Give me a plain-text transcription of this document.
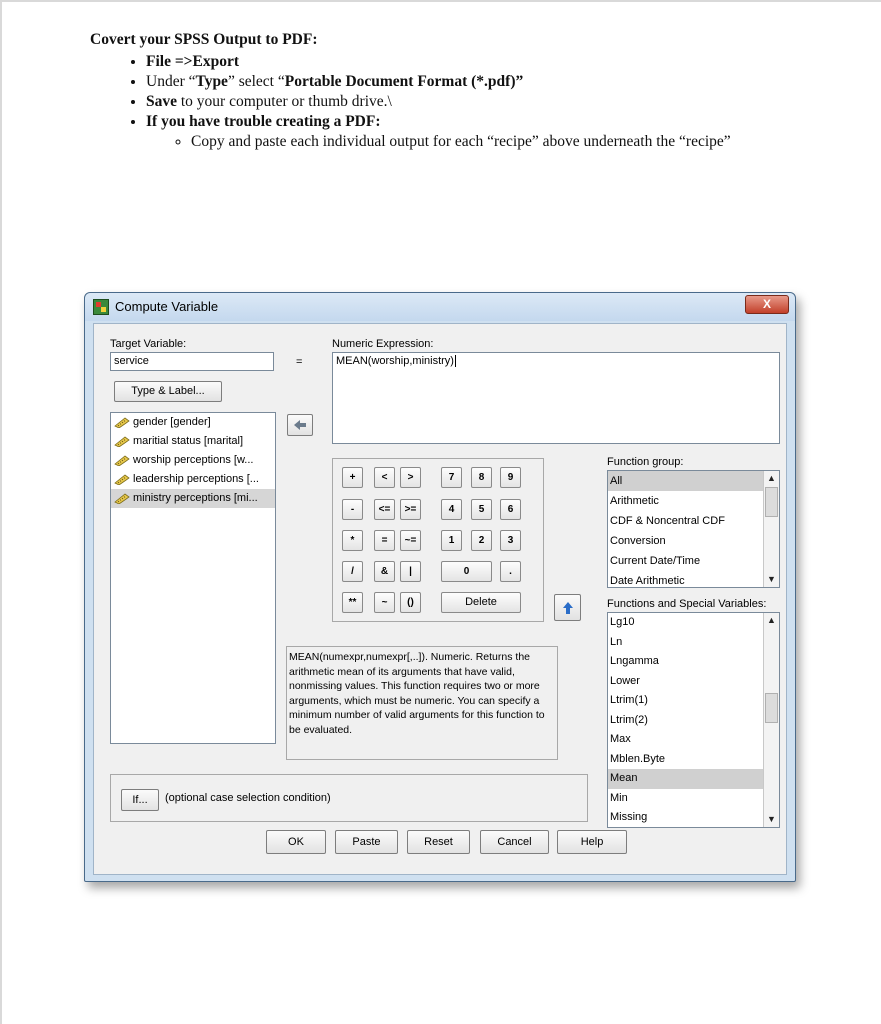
Covert your SPSS Output to PDF:
• File =>Export
• Under “Type” select “Portable Document Format (*.pdf)”
• Save to your computer or thumb drive.\
• If you have trouble creating a PDF:
◦ Copy and paste each individual output for each “recipe” above underneath the “recipe”
Compute Variable	X
Target Variable:
service	=
Type & Label...
Numeric Expression:
MEAN(worship,ministry)
gender [gender]
maritial status [marital]
worship perceptions [w...
leadership perceptions [...
ministry perceptions [mi...
+	<	>	7	8	9
-	<=	>=	4	5	6
*	=	~=	1	2	3
/	&	|	0	.
**	~	()	Delete
MEAN(numexpr,numexpr[,..]). Numeric. Returns the arithmetic mean of its arguments that have valid, nonmissing values. This function requires two or more arguments, which must be numeric. You can specify a minimum number of valid arguments for this function to be evaluated.
Function group:
All
Arithmetic
CDF & Noncentral CDF
Conversion
Current Date/Time
Date Arithmetic
▲
▼
Functions and Special Variables:
Lg10
Ln
Lngamma
Lower
Ltrim(1)
Ltrim(2)
Max
Mblen.Byte
Mean
Min
Missing
▲
▼
If...	(optional case selection condition)
OK	Paste	Reset	Cancel	Help
